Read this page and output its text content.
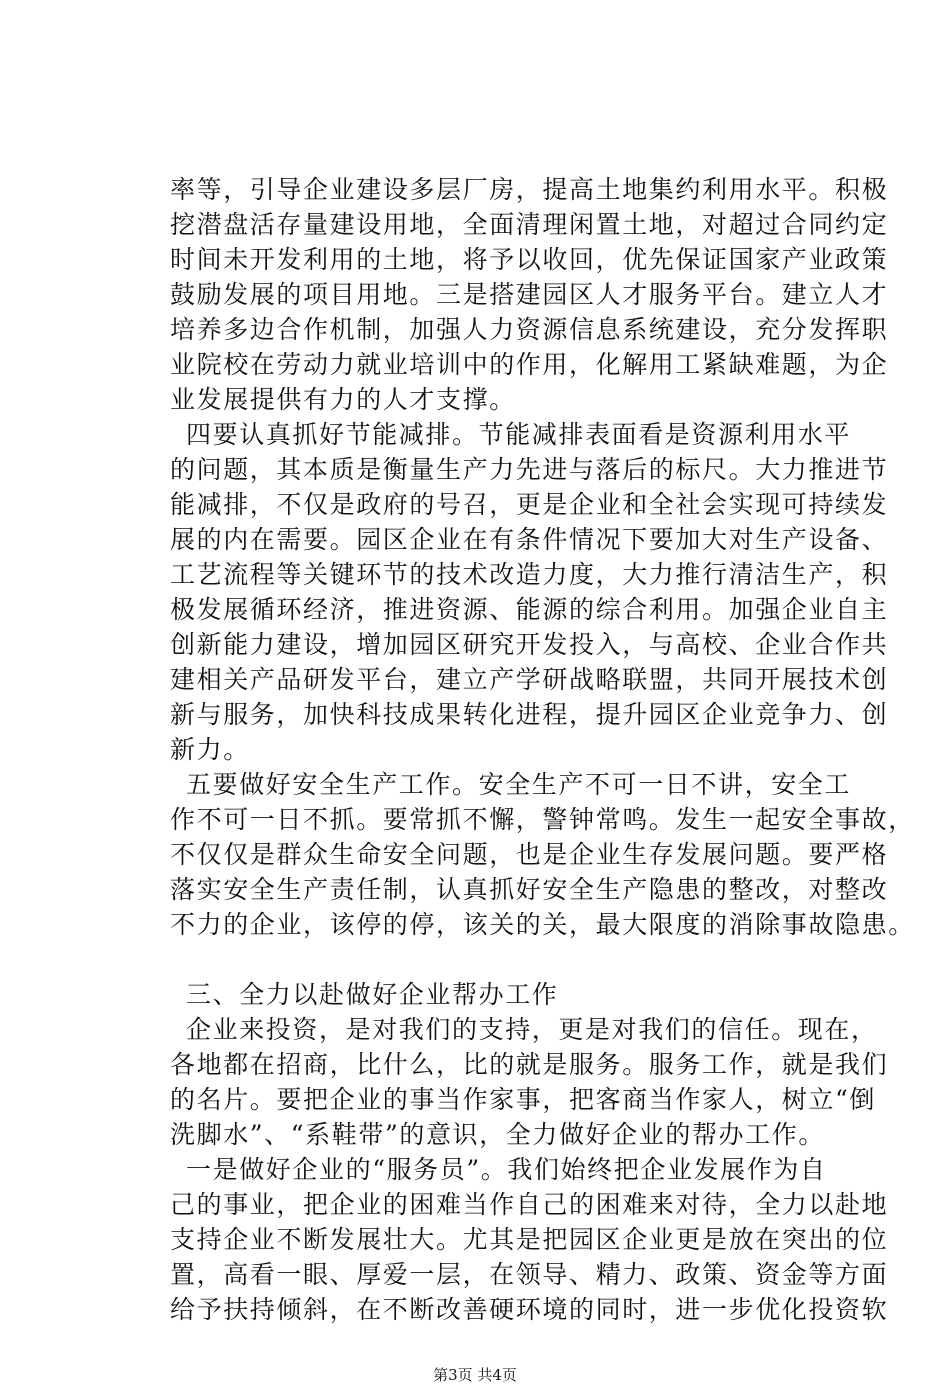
率等，引导企业建设多层厂房，提高土地集约利用水平。积极
挖潜盘活存量建设用地，全面清理闲置土地，对超过合同约定
时间未开发利用的土地，将予以收回，优先保证国家产业政策
鼓励发展的项目用地。三是搭建园区人才服务平台。建立人才
培养多边合作机制，加强人力资源信息系统建设，充分发挥职
业院校在劳动力就业培训中的作用，化解用工紧缺难题，为企
业发展提供有力的人才支撑。
四要认真抓好节能减排。节能减排表面看是资源利用水平
的问题，其本质是衡量生产力先进与落后的标尺。大力推进节
能减排，不仅是政府的号召，更是企业和全社会实现可持续发
展的内在需要。园区企业在有条件情况下要加大对生产设备、
工艺流程等关键环节的技术改造力度，大力推行清洁生产，积
极发展循环经济，推进资源、能源的综合利用。加强企业自主
创新能力建设，增加园区研究开发投入，与高校、企业合作共
建相关产品研发平台，建立产学研战略联盟，共同开展技术创
新与服务，加快科技成果转化进程，提升园区企业竞争力、创
新力。
五要做好安全生产工作。安全生产不可一日不讲，安全工
作不可一日不抓。要常抓不懈，警钟常鸣。发生一起安全事故，
不仅仅是群众生命安全问题，也是企业生存发展问题。要严格
落实安全生产责任制，认真抓好安全生产隐患的整改，对整改
不力的企业，该停的停，该关的关，最大限度的消除事故隐患。
三、全力以赴做好企业帮办工作
企业来投资，是对我们的支持，更是对我们的信任。现在，
各地都在招商，比什么，比的就是服务。服务工作，就是我们
的名片。要把企业的事当作家事，把客商当作家人，树立“倒
洗脚水”、“系鞋带”的意识，全力做好企业的帮办工作。
一是做好企业的“服务员”。我们始终把企业发展作为自
己的事业，把企业的困难当作自己的困难来对待，全力以赴地
支持企业不断发展壮大。尤其是把园区企业更是放在突出的位
置，高看一眼、厚爱一层，在领导、精力、政策、资金等方面
给予扶持倾斜，在不断改善硬环境的同时，进一步优化投资软
第3页 共4页
